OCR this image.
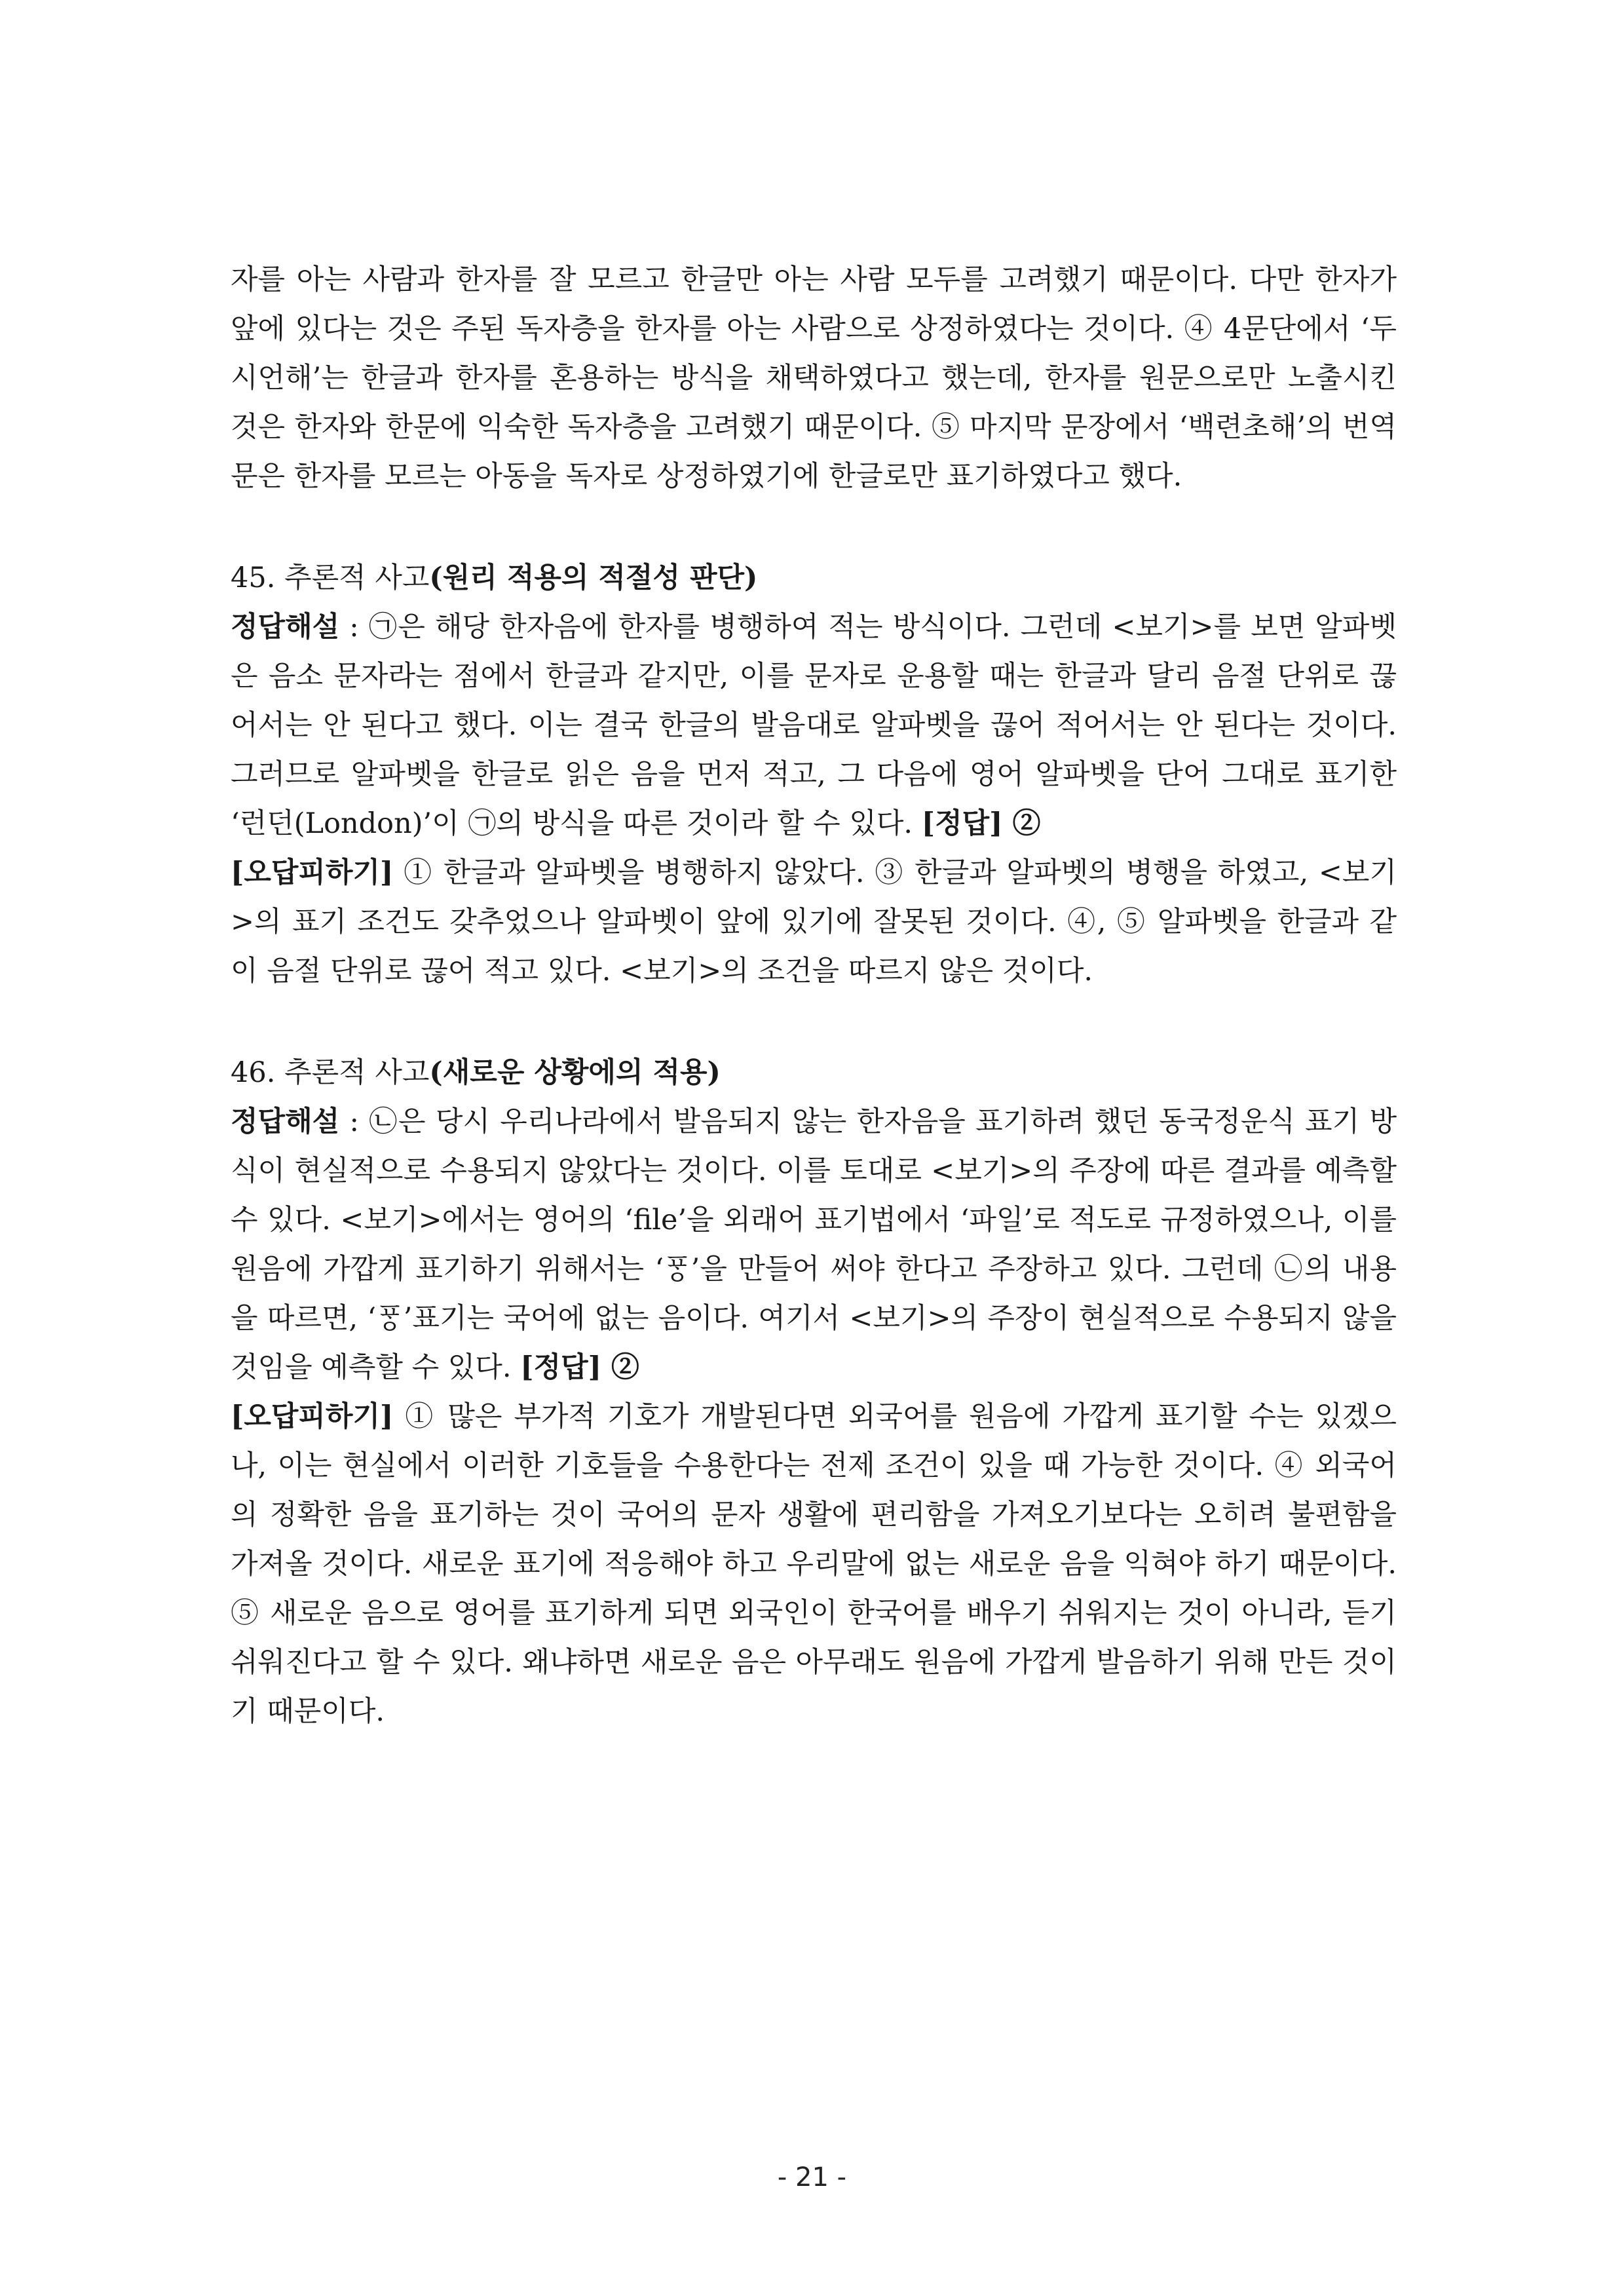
자를 아는 사람과 한자를 잘 모르고 한글만 아는 사람 모두를 고려했기 때문이다. 다만 한자가 앞에 있다는 것은 주된 독자층을 한자를 아는 사람으로 상정하였다는 것이다. ④ 4문단에서 ‘두시언해’는 한글과 한자를 혼용하는 방식을 채택하였다고 했는데, 한자를 원문으로만 노출시킨 것은 한자와 한문에 익숙한 독자층을 고려했기 때문이다. ⑤ 마지막 문장에서 ‘백련초해’의 번역문은 한자를 모르는 아동을 독자로 상정하였기에 한글로만 표기하였다고 했다.

45. 추론적 사고(원리 적용의 적절성 판단)

정답해설 : ㉠은 해당 한자음에 한자를 병행하여 적는 방식이다. 그런데 <보기>를 보면 알파벳은 음소 문자라는 점에서 한글과 같지만, 이를 문자로 운용할 때는 한글과 달리 음절 단위로 끊어서는 안 된다고 했다. 이는 결국 한글의 발음대로 알파벳을 끊어 적어서는 안 된다는 것이다. 그러므로 알파벳을 한글로 읽은 음을 먼저 적고, 그 다음에 영어 알파벳을 단어 그대로 표기한 ‘런던(London)’이 ㉠의 방식을 따른 것이라 할 수 있다. [정답] ②

[오답피하기] ① 한글과 알파벳을 병행하지 않았다. ③ 한글과 알파벳의 병행을 하였고, <보기>의 표기 조건도 갖추었으나 알파벳이 앞에 있기에 잘못된 것이다. ④, ⑤ 알파벳을 한글과 같이 음절 단위로 끊어 적고 있다. <보기>의 조건을 따르지 않은 것이다.

46. 추론적 사고(새로운 상황에의 적용)

정답해설 : ㉡은 당시 우리나라에서 발음되지 않는 한자음을 표기하려 했던 동국정운식 표기 방식이 현실적으로 수용되지 않았다는 것이다. 이를 토대로 <보기>의 주장에 따른 결과를 예측할 수 있다. <보기>에서는 영어의 ‘file’을 외래어 표기법에서 ‘파일’로 적도로 규정하였으나, 이를 원음에 가깝게 표기하기 위해서는 ‘ᄑᆞᆼ’을 만들어 써야 한다고 주장하고 있다. 그런데 ㉡의 내용을 따르면, ‘ᄑᆞᆼ’표기는 국어에 없는 음이다. 여기서 <보기>의 주장이 현실적으로 수용되지 않을 것임을 예측할 수 있다. [정답] ②

[오답피하기] ① 많은 부가적 기호가 개발된다면 외국어를 원음에 가깝게 표기할 수는 있겠으나, 이는 현실에서 이러한 기호들을 수용한다는 전제 조건이 있을 때 가능한 것이다. ④ 외국어의 정확한 음을 표기하는 것이 국어의 문자 생활에 편리함을 가져오기보다는 오히려 불편함을 가져올 것이다. 새로운 표기에 적응해야 하고 우리말에 없는 새로운 음을 익혀야 하기 때문이다. ⑤ 새로운 음으로 영어를 표기하게 되면 외국인이 한국어를 배우기 쉬워지는 것이 아니라, 듣기 쉬워진다고 할 수 있다. 왜냐하면 새로운 음은 아무래도 원음에 가깝게 발음하기 위해 만든 것이기 때문이다.

- 21 -
